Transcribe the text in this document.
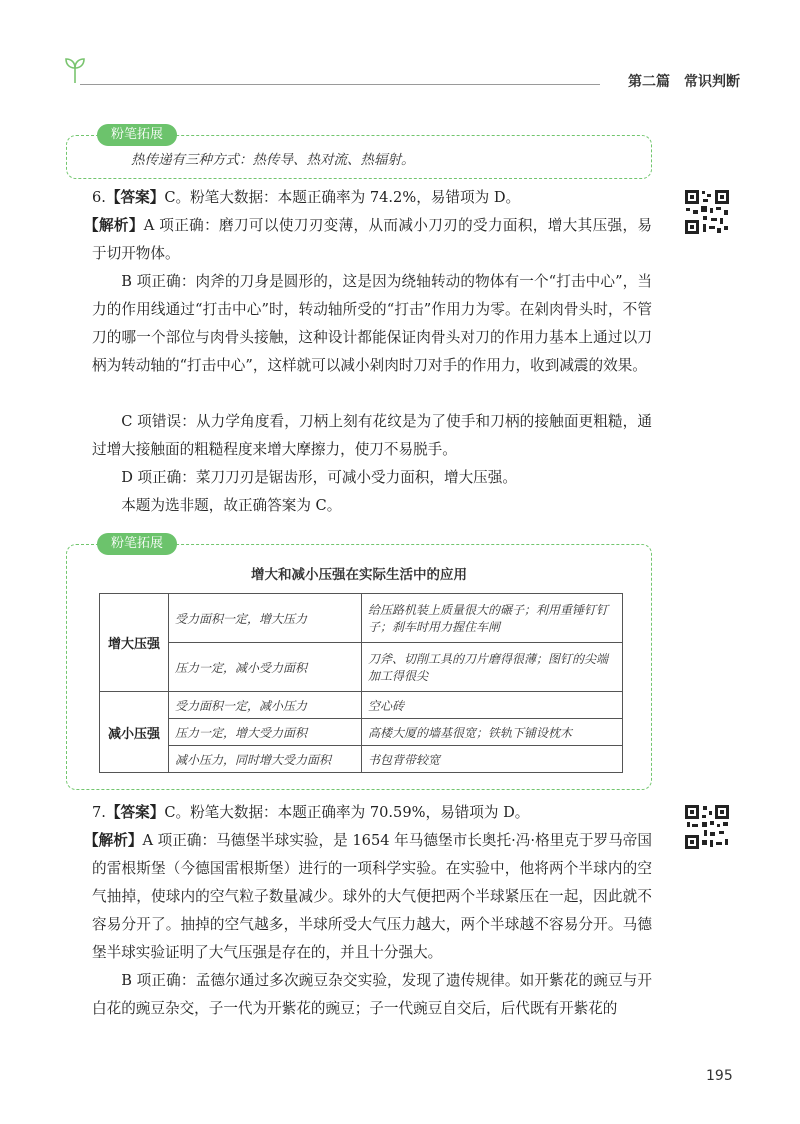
第二篇 常识判断
粉笔拓展
热传递有三种方式：热传导、热对流、热辐射。
6.【答案】C。粉笔大数据：本题正确率为 74.2%，易错项为 D。
【解析】A 项正确：磨刀可以使刀刃变薄，从而减小刀刃的受力面积，增大其压强，易于切开物体。
B 项正确：肉斧的刀身是圆形的，这是因为绕轴转动的物体有一个“打击中心”，当力的作用线通过“打击中心”时，转动轴所受的“打击”作用力为零。在剁肉骨头时，不管刀的哪一个部位与肉骨头接触，这种设计都能保证肉骨头对刀的作用力基本上通过以刀柄为转动轴的“打击中心”，这样就可以减小剁肉时刀对手的作用力，收到减震的效果。
C 项错误：从力学角度看，刀柄上刻有花纹是为了使手和刀柄的接触面更粗糙，通过增大接触面的粗糙程度来增大摩擦力，使刀不易脱手。
D 项正确：菜刀刀刃是锯齿形，可减小受力面积，增大压强。
本题为选非题，故正确答案为 C。
粉笔拓展
增大和减小压强在实际生活中的应用
增大压强	受力面积一定，增大压力	给压路机装上质量很大的碾子；利用重锤钉钉子；刹车时用力握住车闸
	压力一定，减小受力面积	刀斧、切削工具的刀片磨得很薄；图钉的尖端加工得很尖
减小压强	受力面积一定，减小压力	空心砖
	压力一定，增大受力面积	高楼大厦的墙基很宽；铁轨下铺设枕木
	减小压力，同时增大受力面积	书包背带较宽
7.【答案】C。粉笔大数据：本题正确率为 70.59%，易错项为 D。
【解析】A 项正确：马德堡半球实验，是 1654 年马德堡市长奥托·冯·格里克于罗马帝国的雷根斯堡（今德国雷根斯堡）进行的一项科学实验。在实验中，他将两个半球内的空气抽掉，使球内的空气粒子数量减少。球外的大气便把两个半球紧压在一起，因此就不容易分开了。抽掉的空气越多，半球所受大气压力越大，两个半球越不容易分开。马德堡半球实验证明了大气压强是存在的，并且十分强大。
B 项正确：孟德尔通过多次豌豆杂交实验，发现了遗传规律。如开紫花的豌豆与开白花的豌豆杂交，子一代为开紫花的豌豆；子一代豌豆自交后，后代既有开紫花的
195
